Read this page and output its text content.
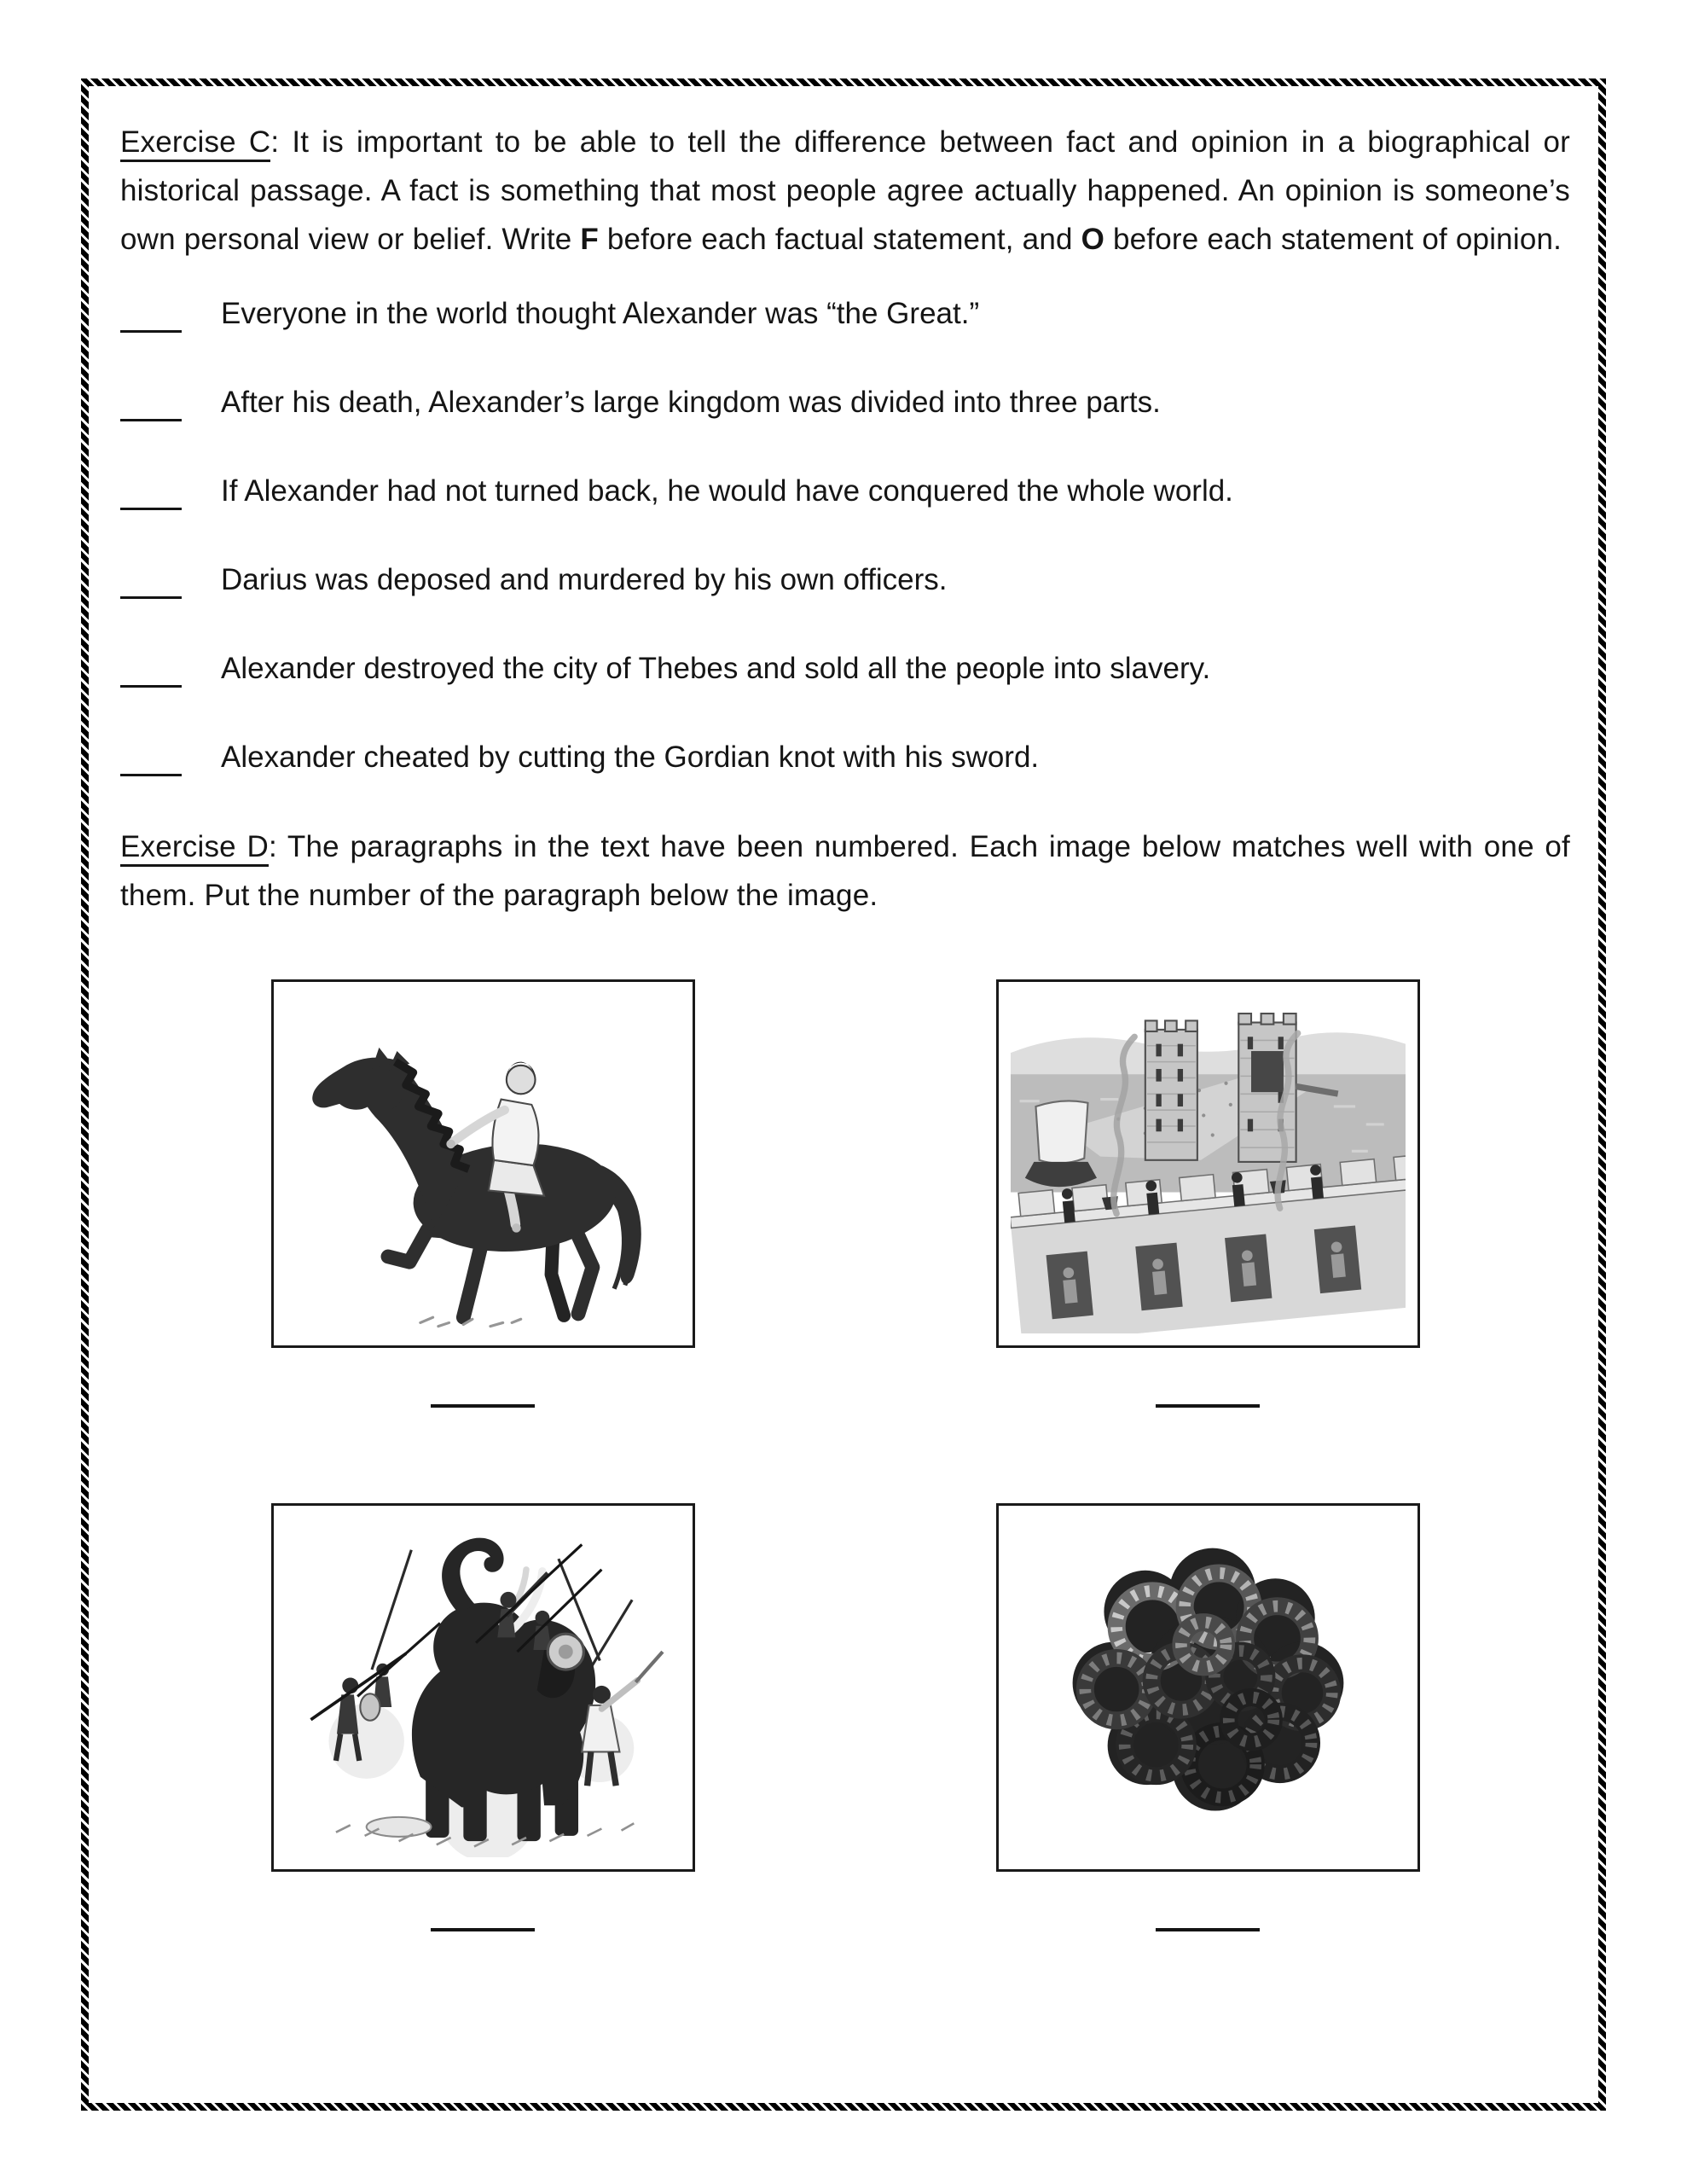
Exercise C: It is important to be able to tell the difference between fact and opinion in a biographical or historical passage. A fact is something that most people agree actually happened. An opinion is someone’s own personal view or belief. Write F before each factual statement, and O before each statement of opinion.

Everyone in the world thought Alexander was “the Great.”
After his death, Alexander’s large kingdom was divided into three parts.
If Alexander had not turned back, he would have conquered the whole world.
Darius was deposed and murdered by his own officers.
Alexander destroyed the city of Thebes and sold all the people into slavery.
Alexander cheated by cutting the Gordian knot with his sword.

Exercise D: The paragraphs in the text have been numbered. Each image below matches well with one of them. Put the number of the paragraph below the image.
